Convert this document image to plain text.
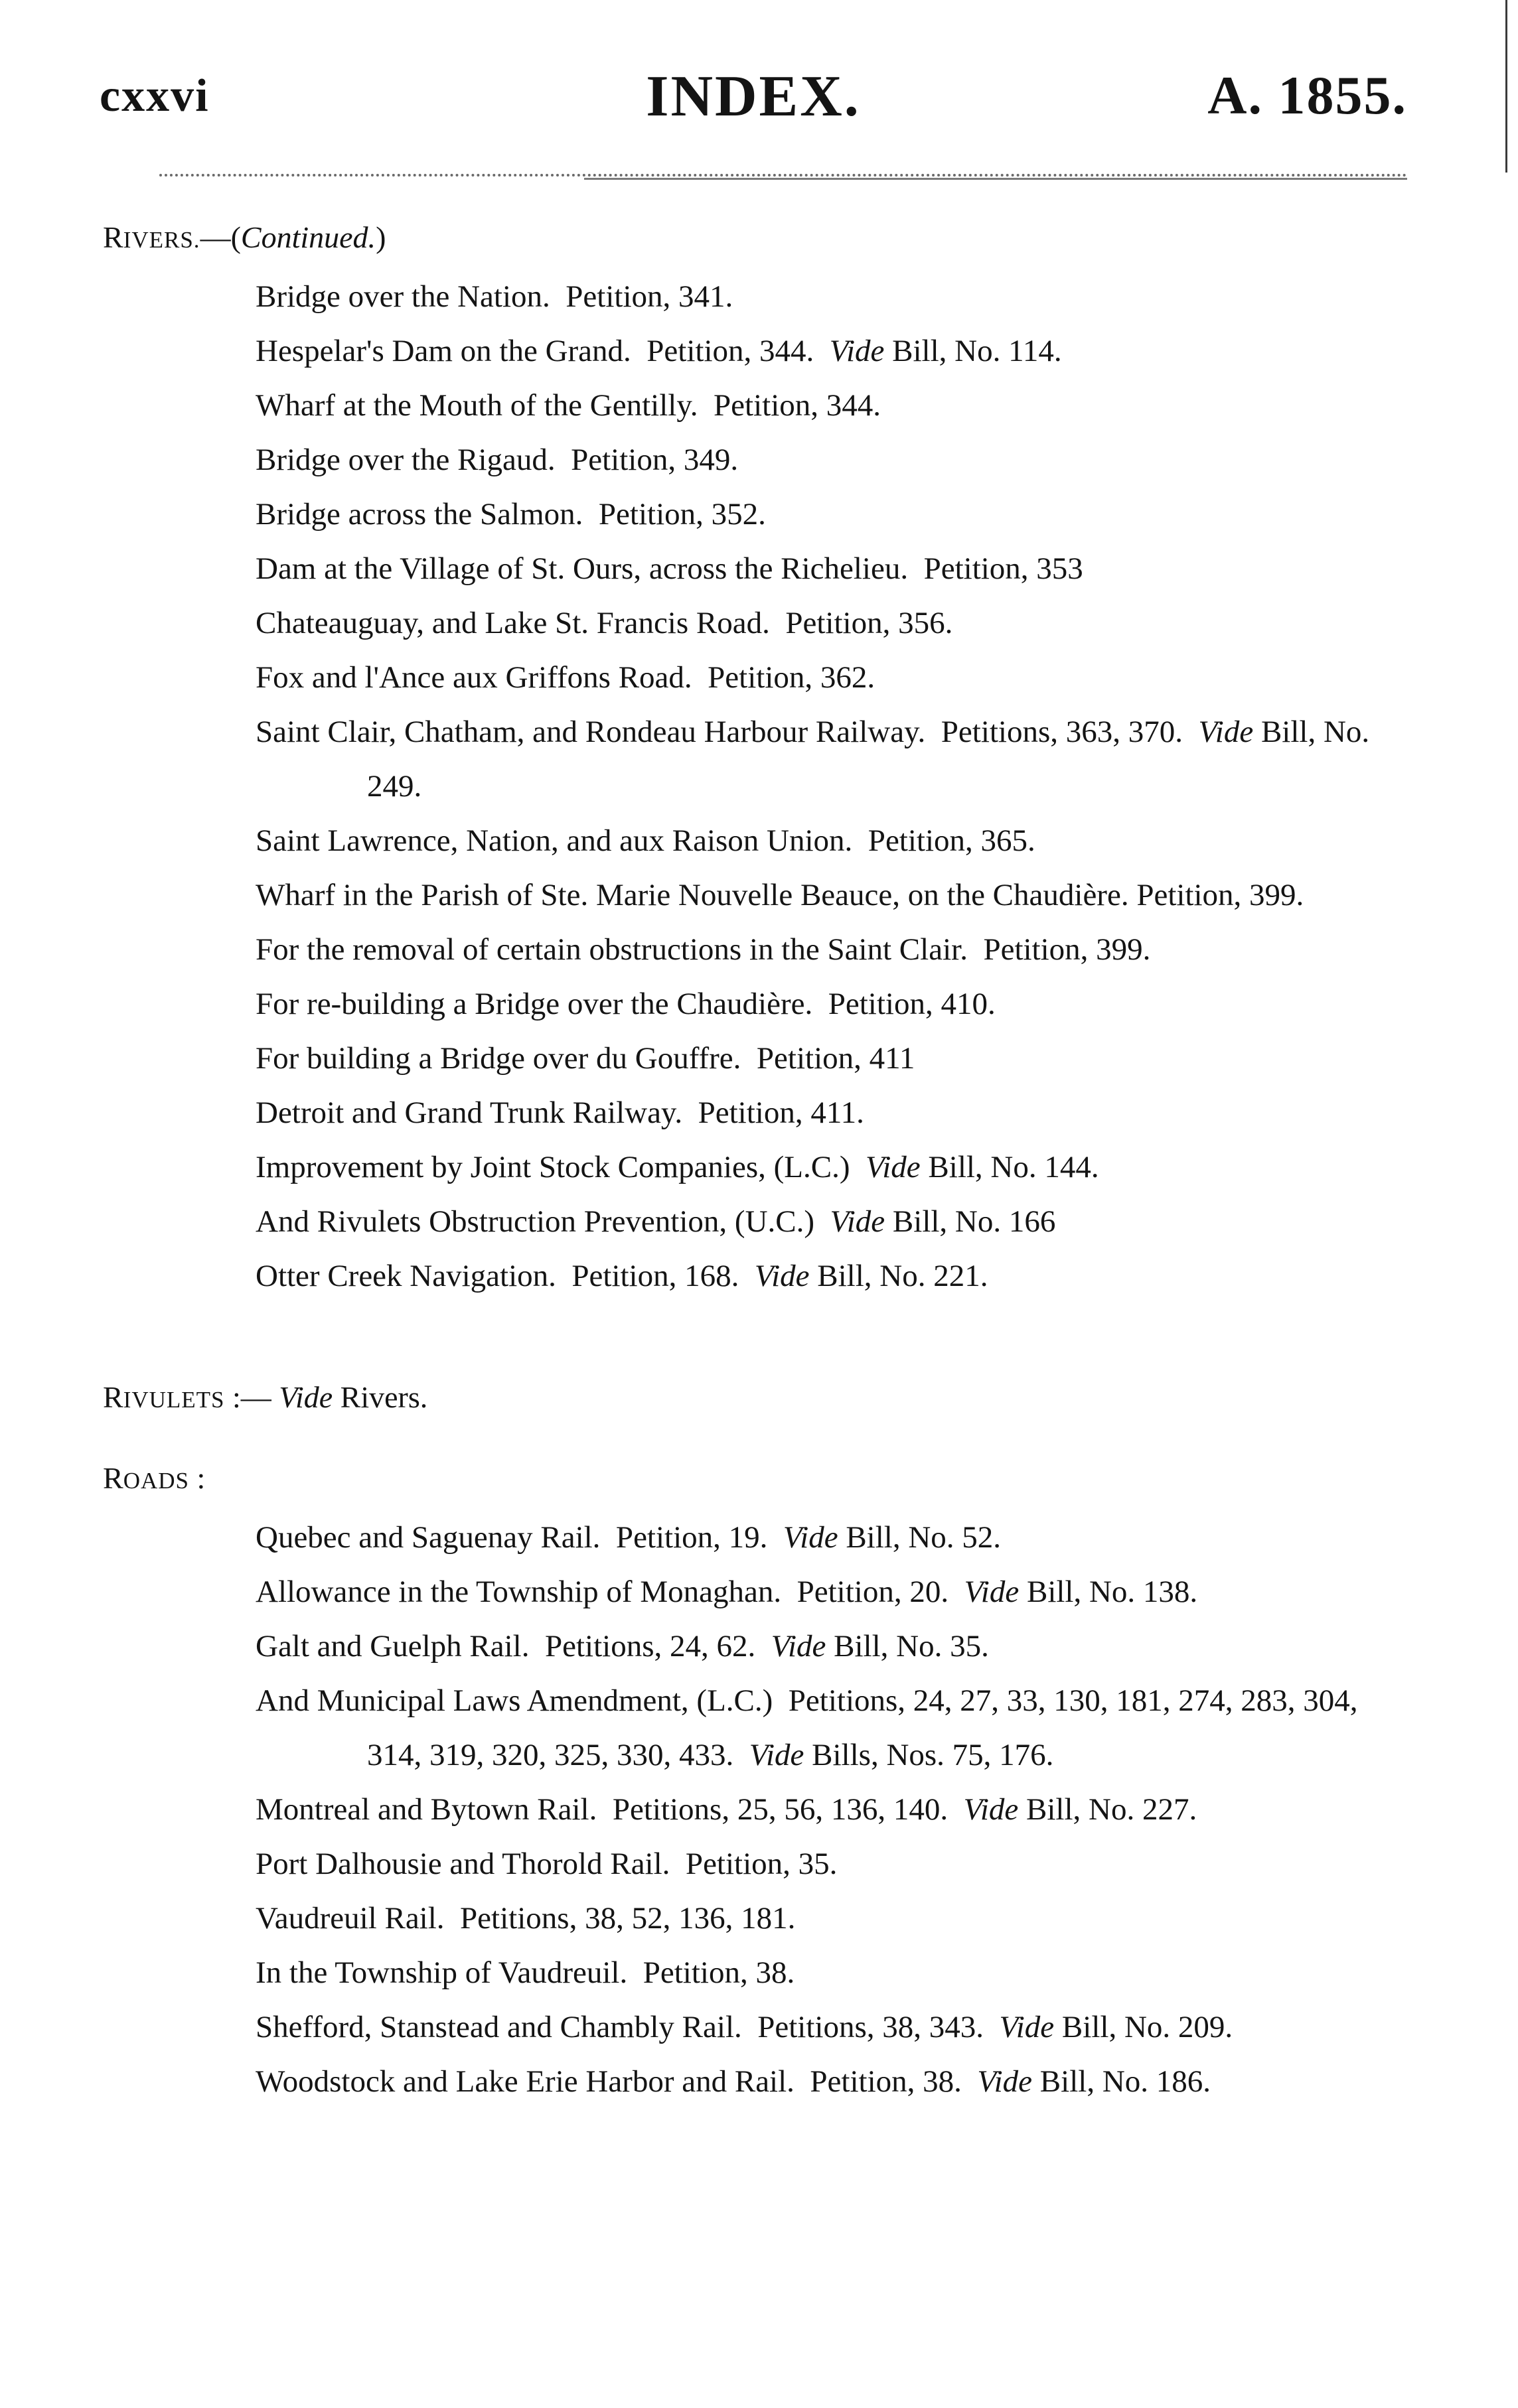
cxxvi	INDEX.	A. 1855.
RIVERS.—(Continued.)
Bridge over the Nation.  Petition, 341.
Hespelar's Dam on the Grand.  Petition, 344.  Vide Bill, No. 114.
Wharf at the Mouth of the Gentilly.  Petition, 344.
Bridge over the Rigaud.  Petition, 349.
Bridge across the Salmon.  Petition, 352.
Dam at the Village of St. Ours, across the Richelieu.  Petition, 353
Chateauguay, and Lake St. Francis Road.  Petition, 356.
Fox and l'Ance aux Griffons Road.  Petition, 362.
Saint Clair, Chatham, and Rondeau Harbour Railway.  Petitions, 363, 370.  Vide Bill, No. 249.
Saint Lawrence, Nation, and aux Raison Union.  Petition, 365.
Wharf in the Parish of Ste. Marie Nouvelle Beauce, on the Chaudière. Petition, 399.
For the removal of certain obstructions in the Saint Clair.  Petition, 399.
For re-building a Bridge over the Chaudière.  Petition, 410.
For building a Bridge over du Gouffre.  Petition, 411
Detroit and Grand Trunk Railway.  Petition, 411.
Improvement by Joint Stock Companies, (L.C.)  Vide Bill, No. 144.
And Rivulets Obstruction Prevention, (U.C.)  Vide Bill, No. 166
Otter Creek Navigation.  Petition, 168.  Vide Bill, No. 221.
RIVULETS :— Vide Rivers.
ROADS :
Quebec and Saguenay Rail.  Petition, 19.  Vide Bill, No. 52.
Allowance in the Township of Monaghan.  Petition, 20.  Vide Bill, No. 138.
Galt and Guelph Rail.  Petitions, 24, 62.  Vide Bill, No. 35.
And Municipal Laws Amendment, (L.C.)  Petitions, 24, 27, 33, 130, 181, 274, 283, 304, 314, 319, 320, 325, 330, 433.  Vide Bills, Nos. 75, 176.
Montreal and Bytown Rail.  Petitions, 25, 56, 136, 140.  Vide Bill, No. 227.
Port Dalhousie and Thorold Rail.  Petition, 35.
Vaudreuil Rail.  Petitions, 38, 52, 136, 181.
In the Township of Vaudreuil.  Petition, 38.
Shefford, Stanstead and Chambly Rail.  Petitions, 38, 343.  Vide Bill, No. 209.
Woodstock and Lake Erie Harbor and Rail.  Petition, 38.  Vide Bill, No. 186.
